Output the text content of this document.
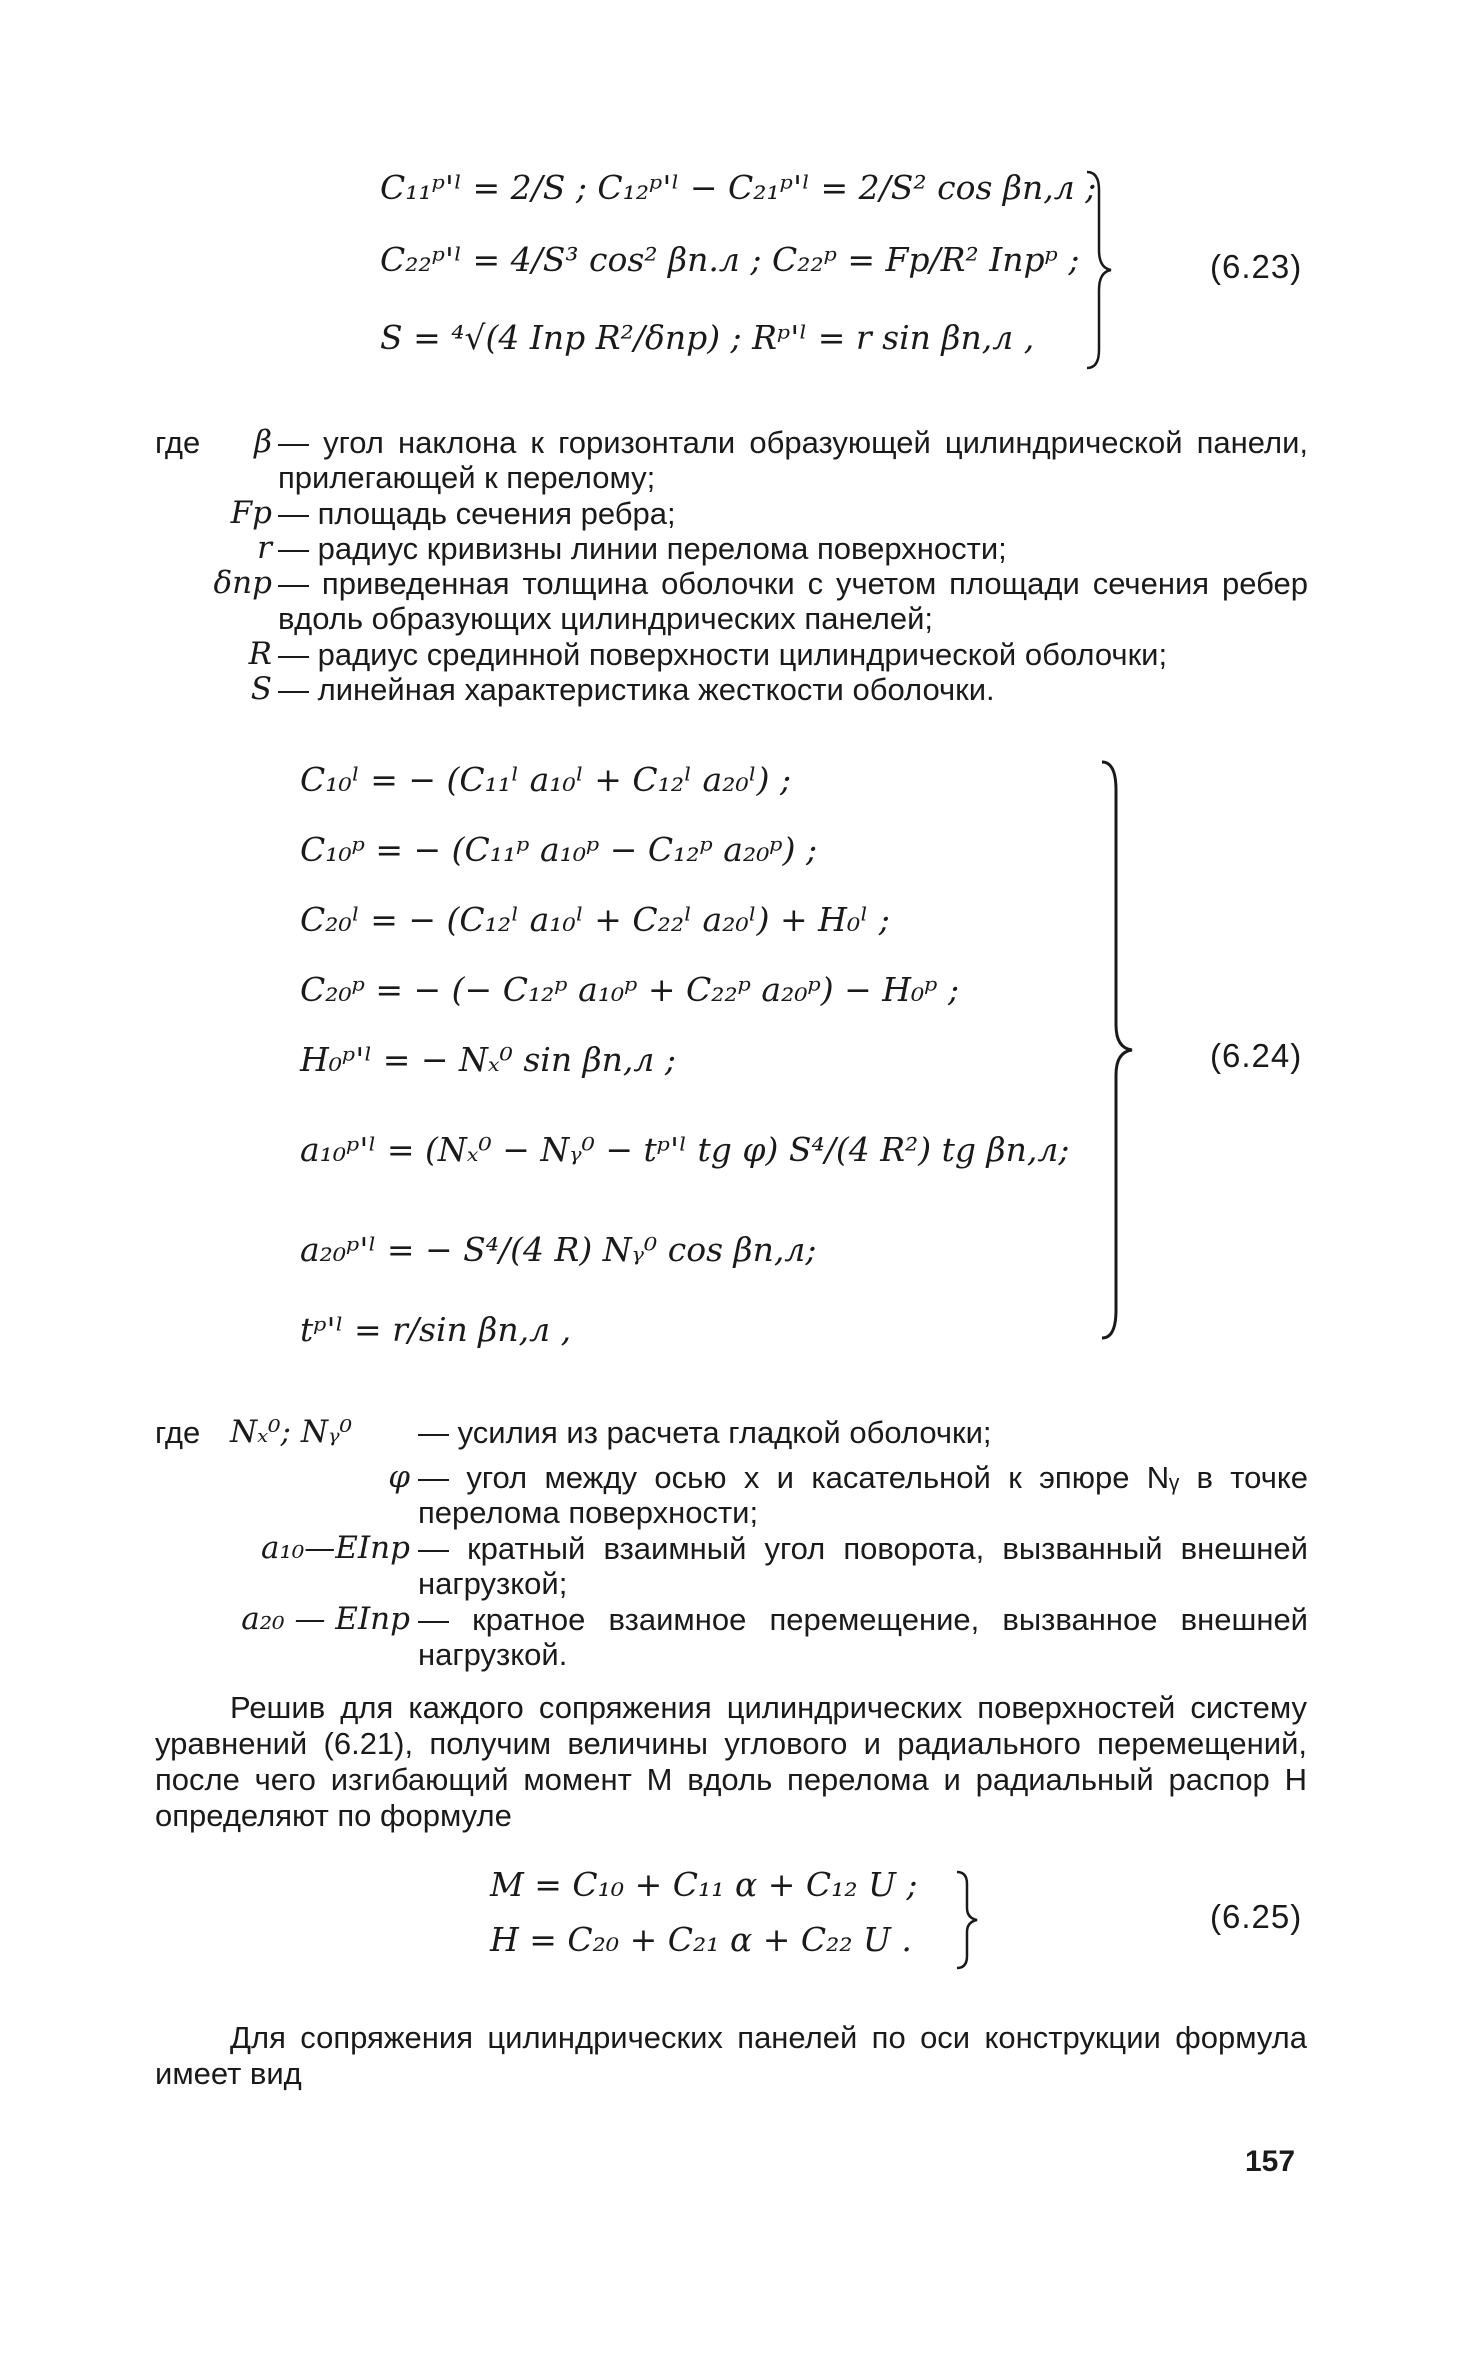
C₁₁ᵖ'ˡ = 2/S ; C₁₂ᵖ'ˡ − C₂₁ᵖ'ˡ = 2/S² cos βп,л ;
C₂₂ᵖ'ˡ = 4/S³ cos² βп.л ; C₂₂ᵖ = Fр/R² Iпрᵖ ;
S = ⁴√(4 Iпр R²/δпр) ; Rᵖ'ˡ = r sin βп,л ,
(6.23)
где	β — угол наклона к горизонтали образующей цилиндрической панели, прилегающей к перелому;
Fр — площадь сечения ребра;
r — радиус кривизны линии перелома поверхности;
δпр — приведенная толщина оболочки с учетом площади сечения ребер вдоль образующих цилиндрических панелей;
R — радиус срединной поверхности цилиндрической оболочки;
S — линейная характеристика жесткости оболочки.
C₁₀ˡ = − (C₁₁ˡ a₁₀ˡ + C₁₂ˡ a₂₀ˡ) ;
C₁₀ᵖ = − (C₁₁ᵖ a₁₀ᵖ − C₁₂ᵖ a₂₀ᵖ) ;
C₂₀ˡ = − (C₁₂ˡ a₁₀ˡ + C₂₂ˡ a₂₀ˡ) + H₀ˡ ;
C₂₀ᵖ = − (− C₁₂ᵖ a₁₀ᵖ + C₂₂ᵖ a₂₀ᵖ) − H₀ᵖ ;
H₀ᵖ'ˡ = − Nₓ⁰ sin βп,л ;
a₁₀ᵖ'ˡ = (Nₓ⁰ − Nᵧ⁰ − tᵖ'ˡ tg φ) S⁴/(4 R²) tg βп,л;
a₂₀ᵖ'ˡ = − S⁴/(4 R) Nᵧ⁰ cos βп,л;
tᵖ'ˡ = r/sin βп,л ,
(6.24)
где Nₓ⁰; Nᵧ⁰	— усилия из расчета гладкой оболочки;
φ — угол между осью x и касательной к эпюре Nᵧ в точке перелома поверхности;
a₁₀—EIпр — кратный взаимный угол поворота, вызванный внешней нагрузкой;
a₂₀ — EIпр — кратное взаимное перемещение, вызванное внешней нагрузкой.
Решив для каждого сопряжения цилиндрических поверхностей систему уравнений (6.21), получим величины углового и радиального перемещений, после чего изгибающий момент M вдоль перелома и радиальный распор H определяют по формуле
M = C₁₀ + C₁₁ α + C₁₂ U ;
H = C₂₀ + C₂₁ α + C₂₂ U .
(6.25)
Для сопряжения цилиндрических панелей по оси конструкции формула имеет вид
157
